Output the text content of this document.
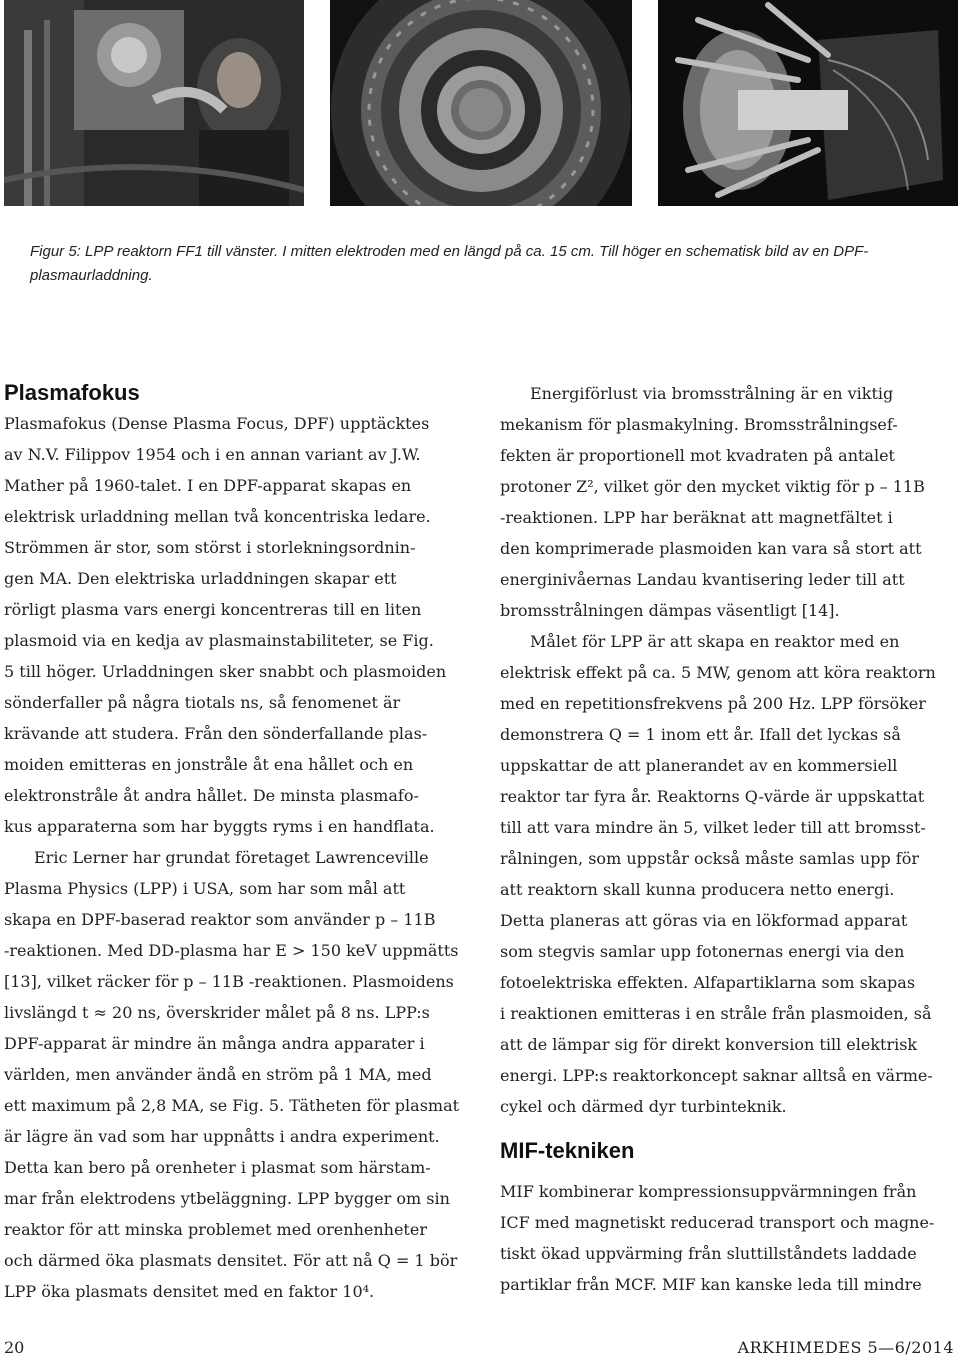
Figur 5: LPP reaktorn FF1 till vänster. I mitten elektroden med en längd på ca. 15 cm. Till höger en schematisk bild av en DPF-plasmaurladdning.
Plasmafokus

Plasmafokus (Dense Plasma Focus, DPF) upptäcktes
av N.V. Filippov 1954 och i en annan variant av J.W.
Mather på 1960-talet. I en DPF-apparat skapas en
elektrisk urladdning mellan två koncentriska ledare.
Strömmen är stor, som störst i storlekningsordnin-
gen MA. Den elektriska urladdningen skapar ett
rörligt plasma vars energi koncentreras till en liten
plasmoid via en kedja av plasmainstabiliteter, se Fig.
5 till höger. Urladdningen sker snabbt och plasmoiden
sönderfaller på några tiotals ns, så fenomenet är
krävande att studera. Från den sönderfallande plas-
moiden emitteras en jonstråle åt ena hållet och en
elektronstråle åt andra hållet. De minsta plasmafo-
kus apparaterna som har byggts ryms i en handflata.

Eric Lerner har grundat företaget Lawrenceville
Plasma Physics (LPP) i USA, som har som mål att
skapa en DPF-baserad reaktor som använder p – 11B
-reaktionen. Med DD-plasma har E > 150 keV uppmätts
[13], vilket räcker för p – 11B -reaktionen. Plasmoidens
livslängd t ≈ 20 ns, överskrider målet på 8 ns. LPP:s
DPF-apparat är mindre än många andra apparater i
världen, men använder ändå en ström på 1 MA, med
ett maximum på 2,8 MA, se Fig. 5. Tätheten för plasmat
är lägre än vad som har uppnåtts i andra experiment.
Detta kan bero på orenheter i plasmat som härstam-
mar från elektrodens ytbeläggning. LPP bygger om sin
reaktor för att minska problemet med orenhenheter
och därmed öka plasmats densitet. För att nå Q = 1 bör
LPP öka plasmats densitet med en faktor 10⁴.

Energiförlust via bromsstrålning är en viktig
mekanism för plasmakylning. Bromsstrålningsef-
fekten är proportionell mot kvadraten på antalet
protoner Z², vilket gör den mycket viktig för p – 11B
-reaktionen. LPP har beräknat att magnetfältet i
den komprimerade plasmoiden kan vara så stort att
energinivåernas Landau kvantisering leder till att
bromsstrålningen dämpas väsentligt [14].

Målet för LPP är att skapa en reaktor med en
elektrisk effekt på ca. 5 MW, genom att köra reaktorn
med en repetitionsfrekvens på 200 Hz. LPP försöker
demonstrera Q = 1 inom ett år. Ifall det lyckas så
uppskattar de att planerandet av en kommersiell
reaktor tar fyra år. Reaktorns Q-värde är uppskattat
till att vara mindre än 5, vilket leder till att bromsst-
rålningen, som uppstår också måste samlas upp för
att reaktorn skall kunna producera netto energi.
Detta planeras att göras via en lökformad apparat
som stegvis samlar upp fotonernas energi via den
fotoelektriska effekten. Alfapartiklarna som skapas
i reaktionen emitteras i en stråle från plasmoiden, så
att de lämpar sig för direkt konversion till elektrisk
energi. LPP:s reaktorkoncept saknar alltså en värme-
cykel och därmed dyr turbinteknik.

MIF-tekniken

MIF kombinerar kompressionsuppvärmningen från
ICF med magnetiskt reducerad transport och magne-
tiskt ökad uppvärming från sluttillståndets laddade
partiklar från MCF. MIF kan kanske leda till mindre

20	ARKHIMEDES 5—6/2014
